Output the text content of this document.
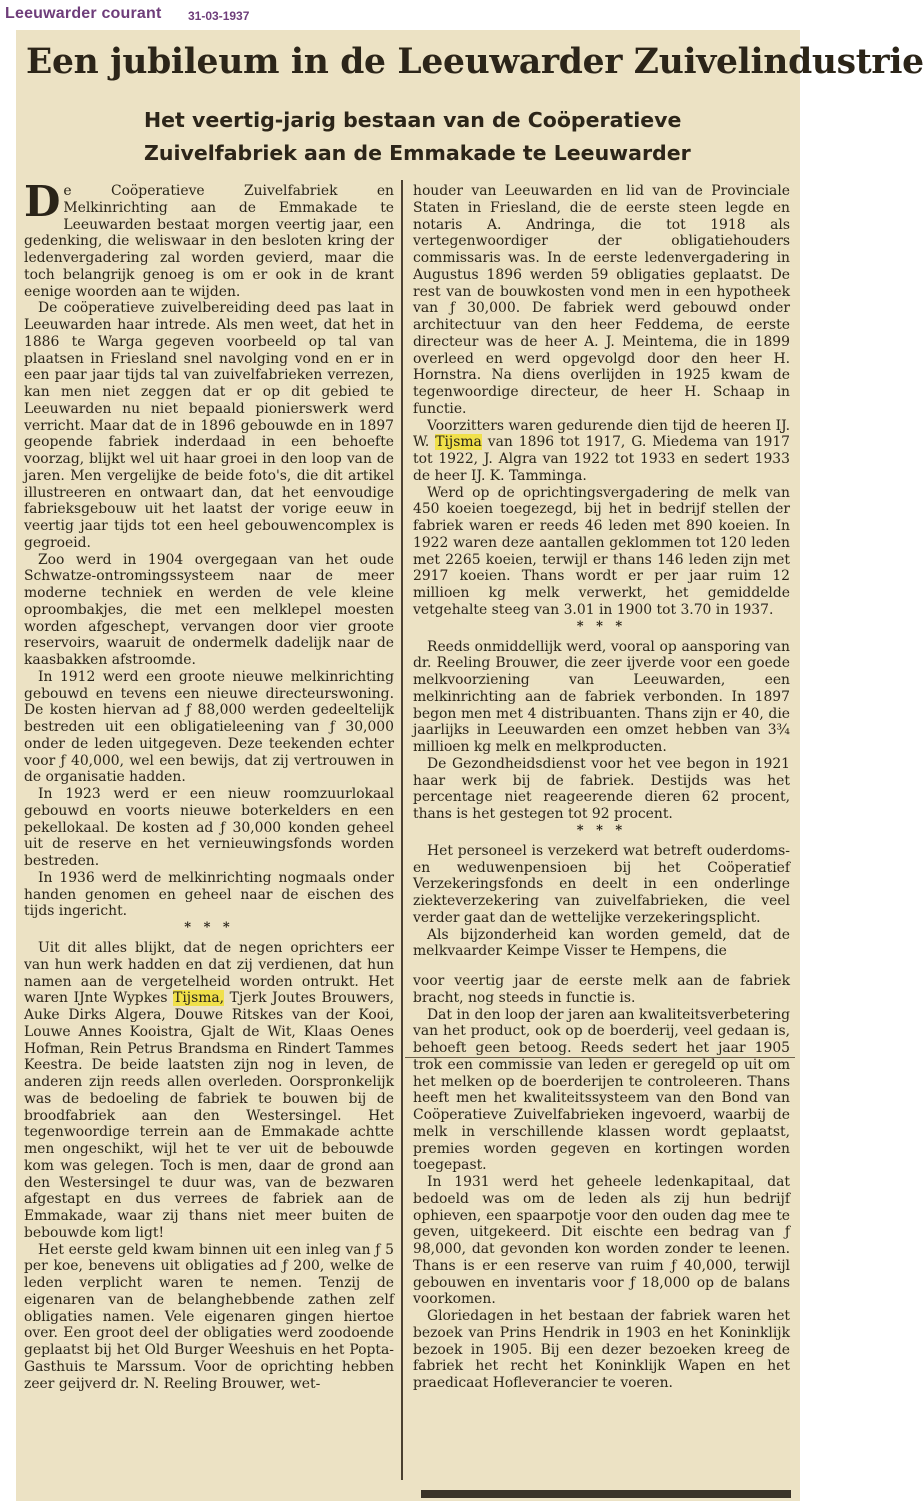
Leeuwarder courant 31-03-1937
Een jubileum in de Leeuwarder Zuivelindustrie
Het veertig-jarig bestaan van de Coöperatieve
Zuivelfabriek aan de Emmakade te Leeuwarder

De Coöperatieve Zuivelfabriek en Melkinrichting aan de Emmakade te Leeuwarden bestaat morgen veertig jaar, een gedenking, die weliswaar in den besloten kring der ledenvergadering zal worden gevierd, maar die toch belangrijk genoeg is om er ook in de krant eenige woorden aan te wijden.

De coöperatieve zuivelbereiding deed pas laat in Leeuwarden haar intrede. Als men weet, dat het in 1886 te Warga gegeven voorbeeld op tal van plaatsen in Friesland snel navolging vond en er in een paar jaar tijds tal van zuivelfabrieken verrezen, kan men niet zeggen dat er op dit gebied te Leeuwarden nu niet bepaald pionierswerk werd verricht. Maar dat de in 1896 gebouwde en in 1897 geopende fabriek inderdaad in een behoefte voorzag, blijkt wel uit haar groei in den loop van de jaren. Men vergelijke de beide foto's, die dit artikel illustreeren en ontwaart dan, dat het eenvoudige fabrieksgebouw uit het laatst der vorige eeuw in veertig jaar tijds tot een heel gebouwencomplex is gegroeid.

Zoo werd in 1904 overgegaan van het oude Schwatze-ontromingssysteem naar de meer moderne techniek en werden de vele kleine oproombakjes, die met een melklepel moesten worden afgeschept, vervangen door vier groote reservoirs, waaruit de ondermelk dadelijk naar de kaasbakken afstroomde.

In 1912 werd een groote nieuwe melkinrichting gebouwd en tevens een nieuwe directeurswoning. De kosten hiervan ad ƒ 88,000 werden gedeeltelijk bestreden uit een obligatieleening van ƒ 30,000 onder de leden uitgegeven. Deze teekenden echter voor ƒ 40,000, wel een bewijs, dat zij vertrouwen in de organisatie hadden.

In 1923 werd er een nieuw roomzuurlokaal gebouwd en voorts nieuwe boterkelders en een pekellokaal. De kosten ad ƒ 30,000 konden geheel uit de reserve en het vernieuwingsfonds worden bestreden.

In 1936 werd de melkinrichting nogmaals onder handen genomen en geheel naar de eischen des tijds ingericht.

* * *

Uit dit alles blijkt, dat de negen oprichters eer van hun werk hadden en dat zij verdienen, dat hun namen aan de vergetelheid worden ontrukt. Het waren IJnte Wypkes Tijsma, Tjerk Joutes Brouwers, Auke Dirks Algera, Douwe Ritskes van der Kooi, Louwe Annes Kooistra, Gjalt de Wit, Klaas Oenes Hofman, Rein Petrus Brandsma en Rindert Tammes Keestra. De beide laatsten zijn nog in leven, de anderen zijn reeds allen overleden. Oorspronkelijk was de bedoeling de fabriek te bouwen bij de broodfabriek aan den Westersingel. Het tegenwoordige terrein aan de Emmakade achtte men ongeschikt, wijl het te ver uit de bebouwde kom was gelegen. Toch is men, daar de grond aan den Westersingel te duur was, van de bezwaren afgestapt en dus verrees de fabriek aan de Emmakade, waar zij thans niet meer buiten de bebouwde kom ligt!

Het eerste geld kwam binnen uit een inleg van ƒ 5 per koe, benevens uit obligaties ad ƒ 200, welke de leden verplicht waren te nemen. Tenzij de eigenaren van de belanghebbende zathen zelf obligaties namen. Vele eigenaren gingen hiertoe over. Een groot deel der obligaties werd zoodoende geplaatst bij het Old Burger Weeshuis en het Popta-Gasthuis te Marssum. Voor de oprichting hebben zeer geijverd dr. N. Reeling Brouwer, wet-

houder van Leeuwarden en lid van de Provinciale Staten in Friesland, die de eerste steen legde en notaris A. Andringa, die tot 1918 als vertegenwoordiger der obligatiehouders commissaris was. In de eerste ledenvergadering in Augustus 1896 werden 59 obligaties geplaatst. De rest van de bouwkosten vond men in een hypotheek van ƒ 30,000. De fabriek werd gebouwd onder architectuur van den heer Feddema, de eerste directeur was de heer A. J. Meintema, die in 1899 overleed en werd opgevolgd door den heer H. Hornstra. Na diens overlijden in 1925 kwam de tegenwoordige directeur, de heer H. Schaap in functie.

Voorzitters waren gedurende dien tijd de heeren IJ. W. Tijsma van 1896 tot 1917, G. Miedema van 1917 tot 1922, J. Algra van 1922 tot 1933 en sedert 1933 de heer IJ. K. Tamminga.

Werd op de oprichtingsvergadering de melk van 450 koeien toegezegd, bij het in bedrijf stellen der fabriek waren er reeds 46 leden met 890 koeien. In 1922 waren deze aantallen geklommen tot 120 leden met 2265 koeien, terwijl er thans 146 leden zijn met 2917 koeien. Thans wordt er per jaar ruim 12 millioen kg melk verwerkt, het gemiddelde vetgehalte steeg van 3.01 in 1900 tot 3.70 in 1937.

* * *

Reeds onmiddellijk werd, vooral op aansporing van dr. Reeling Brouwer, die zeer ijverde voor een goede melkvoorziening van Leeuwarden, een melkinrichting aan de fabriek verbonden. In 1897 begon men met 4 distribuanten. Thans zijn er 40, die jaarlijks in Leeuwarden een omzet hebben van 3¾ millioen kg melk en melkproducten.

De Gezondheidsdienst voor het vee begon in 1921 haar werk bij de fabriek. Destijds was het percentage niet reageerende dieren 62 procent, thans is het gestegen tot 92 procent.

* * *

Het personeel is verzekerd wat betreft ouderdoms- en weduwenpensioen bij het Coöperatief Verzekeringsfonds en deelt in een onderlinge ziekteverzekering van zuivelfabrieken, die veel verder gaat dan de wettelijke verzekeringsplicht.

Als bijzonderheid kan worden gemeld, dat de melkvaarder Keimpe Visser te Hempens, die

voor veertig jaar de eerste melk aan de fabriek bracht, nog steeds in functie is.

Dat in den loop der jaren aan kwaliteitsverbetering van het product, ook op de boerderij, veel gedaan is, behoeft geen betoog. Reeds sedert het jaar 1905 trok een commissie van leden er geregeld op uit om het melken op de boerderijen te controleeren. Thans heeft men het kwaliteitssysteem van den Bond van Coöperatieve Zuivelfabrieken ingevoerd, waarbij de melk in verschillende klassen wordt geplaatst, premies worden gegeven en kortingen worden toegepast.

In 1931 werd het geheele ledenkapitaal, dat bedoeld was om de leden als zij hun bedrijf ophieven, een spaarpotje voor den ouden dag mee te geven, uitgekeerd. Dit eischte een bedrag van ƒ 98,000, dat gevonden kon worden zonder te leenen. Thans is er een reserve van ruim ƒ 40,000, terwijl gebouwen en inventaris voor ƒ 18,000 op de balans voorkomen.

Gloriedagen in het bestaan der fabriek waren het bezoek van Prins Hendrik in 1903 en het Koninklijk bezoek in 1905. Bij een dezer bezoeken kreeg de fabriek het recht het Koninklijk Wapen en het praedicaat Hofleverancier te voeren.
